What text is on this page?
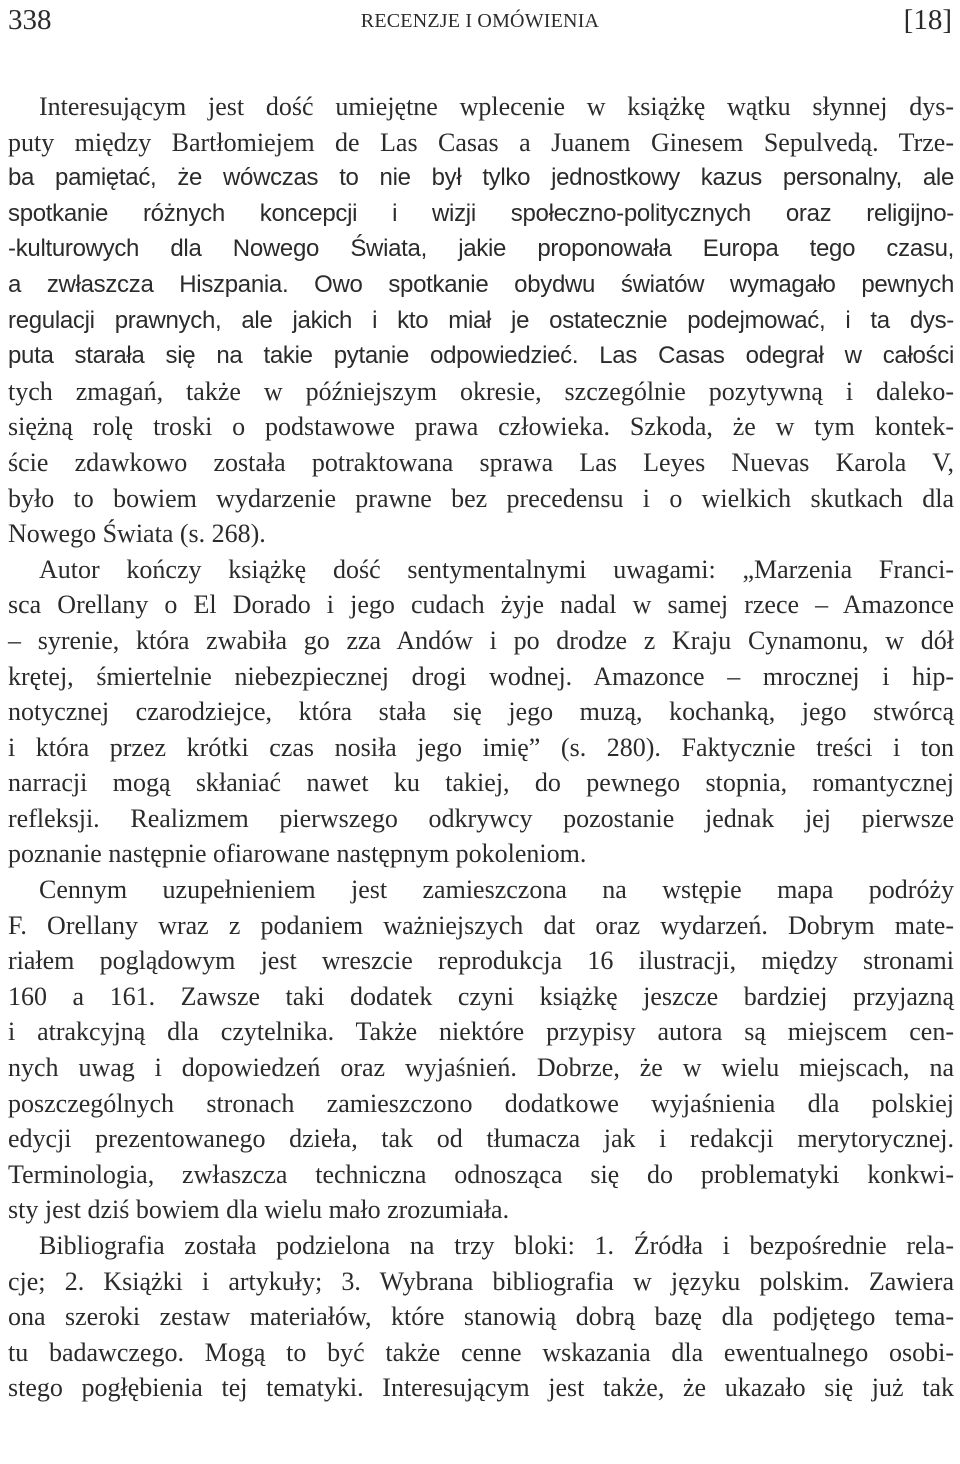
338	RECENZJE I OMÓWIENIA	[18]
Interesującym jest dość umiejętne wplecenie w książkę wątku słynnej dys-
puty między Bartłomiejem de Las Casas a Juanem Ginesem Sepulvedą. Trze-
ba pamiętać, że wówczas to nie był tylko jednostkowy kazus personalny, ale
spotkanie różnych koncepcji i wizji społeczno-politycznych oraz religijno-
-kulturowych dla Nowego Świata, jakie proponowała Europa tego czasu,
a zwłaszcza Hiszpania. Owo spotkanie obydwu światów wymagało pewnych
regulacji prawnych, ale jakich i kto miał je ostatecznie podejmować, i ta dys-
puta starała się na takie pytanie odpowiedzieć. Las Casas odegrał w całości
tych zmagań, także w późniejszym okresie, szczególnie pozytywną i daleko-
siężną rolę troski o podstawowe prawa człowieka. Szkoda, że w tym kontek-
ście zdawkowo została potraktowana sprawa Las Leyes Nuevas Karola V,
było to bowiem wydarzenie prawne bez precedensu i o wielkich skutkach dla
Nowego Świata (s. 268).
Autor kończy książkę dość sentymentalnymi uwagami: „Marzenia Franci-
sca Orellany o El Dorado i jego cudach żyje nadal w samej rzece – Amazonce
– syrenie, która zwabiła go zza Andów i po drodze z Kraju Cynamonu, w dół
krętej, śmiertelnie niebezpiecznej drogi wodnej. Amazonce – mrocznej i hip-
notycznej czarodziejce, która stała się jego muzą, kochanką, jego stwórcą
i która przez krótki czas nosiła jego imię” (s. 280). Faktycznie treści i ton
narracji mogą skłaniać nawet ku takiej, do pewnego stopnia, romantycznej
refleksji. Realizmem pierwszego odkrywcy pozostanie jednak jej pierwsze
poznanie następnie ofiarowane następnym pokoleniom.
Cennym uzupełnieniem jest zamieszczona na wstępie mapa podróży
F. Orellany wraz z podaniem ważniejszych dat oraz wydarzeń. Dobrym mate-
riałem poglądowym jest wreszcie reprodukcja 16 ilustracji, między stronami
160 a 161. Zawsze taki dodatek czyni książkę jeszcze bardziej przyjazną
i atrakcyjną dla czytelnika. Także niektóre przypisy autora są miejscem cen-
nych uwag i dopowiedzeń oraz wyjaśnień. Dobrze, że w wielu miejscach, na
poszczególnych stronach zamieszczono dodatkowe wyjaśnienia dla polskiej
edycji prezentowanego dzieła, tak od tłumacza jak i redakcji merytorycznej.
Terminologia, zwłaszcza techniczna odnosząca się do problematyki konkwi-
sty jest dziś bowiem dla wielu mało zrozumiała.
Bibliografia została podzielona na trzy bloki: 1. Źródła i bezpośrednie rela-
cje; 2. Książki i artykuły; 3. Wybrana bibliografia w języku polskim. Zawiera
ona szeroki zestaw materiałów, które stanowią dobrą bazę dla podjętego tema-
tu badawczego. Mogą to być także cenne wskazania dla ewentualnego osobi-
stego pogłębienia tej tematyki. Interesującym jest także, że ukazało się już tak
